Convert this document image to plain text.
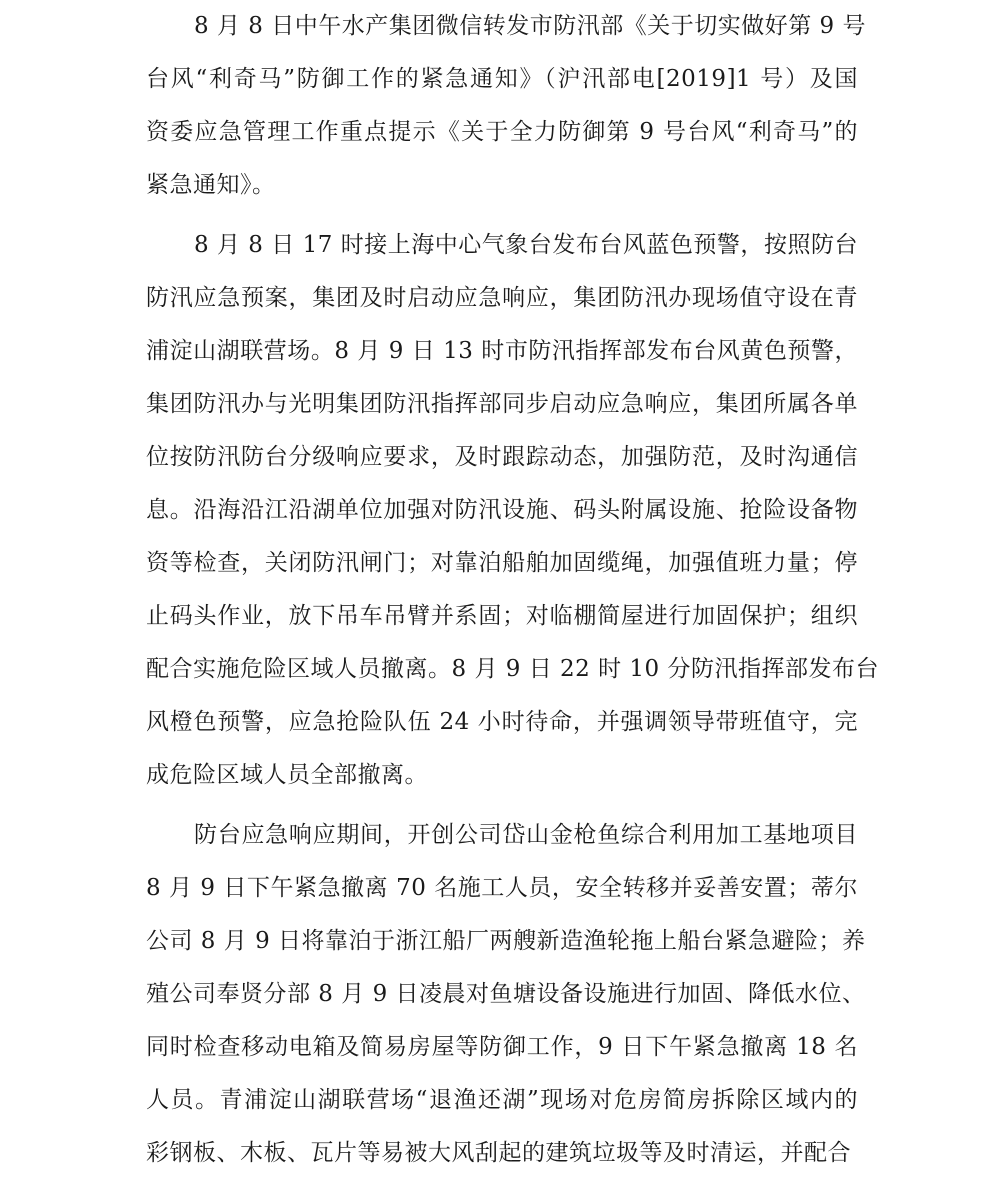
8 月 8 日中午水产集团微信转发市防汛部《关于切实做好第 9 号
台风“利奇马”防御工作的紧急通知》（沪汛部电[2019]1 号）及国
资委应急管理工作重点提示《关于全力防御第 9 号台风“利奇马”的
紧急通知》。
8 月 8 日 17 时接上海中心气象台发布台风蓝色预警，按照防台
防汛应急预案，集团及时启动应急响应，集团防汛办现场值守设在青
浦淀山湖联营场。8 月 9 日 13 时市防汛指挥部发布台风黄色预警，
集团防汛办与光明集团防汛指挥部同步启动应急响应，集团所属各单
位按防汛防台分级响应要求，及时跟踪动态，加强防范，及时沟通信
息。沿海沿江沿湖单位加强对防汛设施、码头附属设施、抢险设备物
资等检查，关闭防汛闸门；对靠泊船舶加固缆绳，加强值班力量；停
止码头作业，放下吊车吊臂并系固；对临棚简屋进行加固保护；组织
配合实施危险区域人员撤离。8 月 9 日 22 时 10 分防汛指挥部发布台
风橙色预警，应急抢险队伍 24 小时待命，并强调领导带班值守，完
成危险区域人员全部撤离。
防台应急响应期间，开创公司岱山金枪鱼综合利用加工基地项目
8 月 9 日下午紧急撤离 70 名施工人员，安全转移并妥善安置；蒂尔
公司 8 月 9 日将靠泊于浙江船厂两艘新造渔轮拖上船台紧急避险；养
殖公司奉贤分部 8 月 9 日凌晨对鱼塘设备设施进行加固、降低水位、
同时检查移动电箱及简易房屋等防御工作，9 日下午紧急撤离 18 名
人员。青浦淀山湖联营场“退渔还湖”现场对危房简房拆除区域内的
彩钢板、木板、瓦片等易被大风刮起的建筑垃圾等及时清运，并配合
